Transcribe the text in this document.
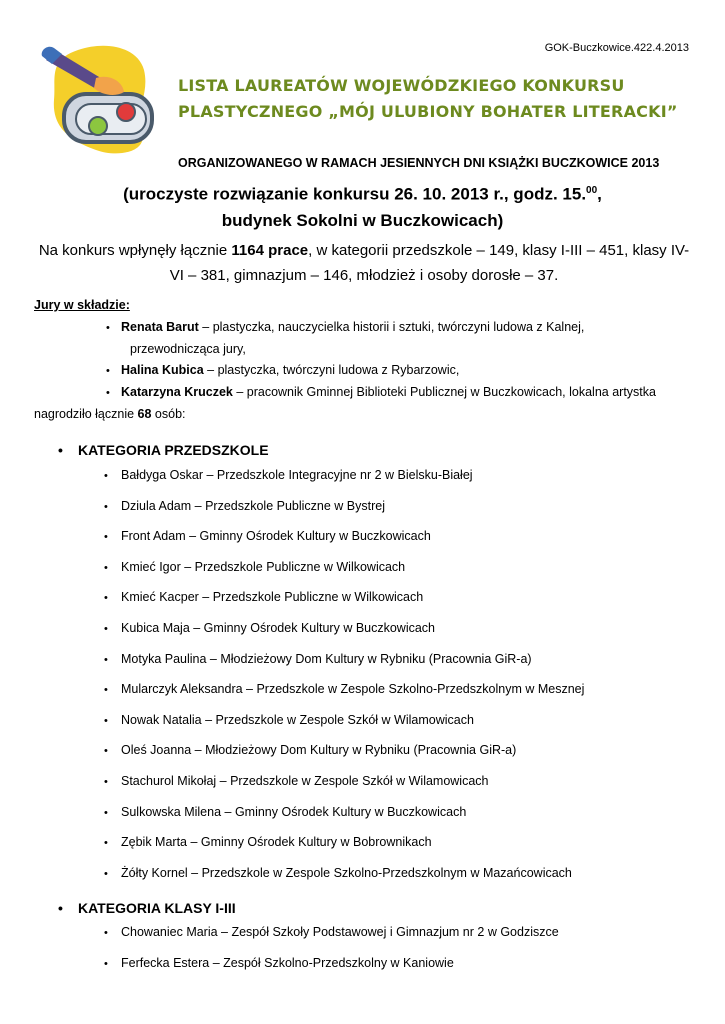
GOK-Buczkowice.422.4.2013
LISTA LAUREATÓW WOJEWÓDZKIEGO KONKURSU
PLASTYCZNEGO „MÓJ ULUBIONY BOHATER LITERACKI”
ORGANIZOWANEGO W RAMACH JESIENNYCH DNI KSIĄŻKI BUCZKOWICE 2013
(uroczyste rozwiązanie konkursu 26. 10. 2013 r., godz. 15.00,
budynek Sokolni w Buczkowicach)
Na konkurs wpłynęły łącznie 1164 prace, w kategorii przedszkole – 149, klasy I-III – 451, klasy IV-VI – 381, gimnazjum – 146, młodzież i osoby dorosłe – 37.
Jury w składzie:
• Renata Barut – plastyczka, nauczycielka historii i sztuki, twórczyni ludowa z Kalnej,
przewodnicząca jury,
• Halina Kubica – plastyczka, twórczyni ludowa z Rybarzowic,
• Katarzyna Kruczek – pracownik Gminnej Biblioteki Publicznej w Buczkowicach, lokalna artystka
nagrodziło łącznie 68 osób:
• KATEGORIA PRZEDSZKOLE
• Bałdyga Oskar – Przedszkole Integracyjne nr 2 w Bielsku-Białej
• Dziula Adam – Przedszkole Publiczne w Bystrej
• Front Adam – Gminny Ośrodek Kultury w Buczkowicach
• Kmieć Igor – Przedszkole Publiczne w Wilkowicach
• Kmieć Kacper – Przedszkole Publiczne w Wilkowicach
• Kubica Maja – Gminny Ośrodek Kultury w Buczkowicach
• Motyka Paulina – Młodzieżowy Dom Kultury w Rybniku (Pracownia GiR-a)
• Mularczyk Aleksandra – Przedszkole w Zespole Szkolno-Przedszkolnym w Mesznej
• Nowak Natalia – Przedszkole w Zespole Szkół w Wilamowicach
• Oleś Joanna – Młodzieżowy Dom Kultury w Rybniku (Pracownia GiR-a)
• Stachurol Mikołaj – Przedszkole w Zespole Szkół w Wilamowicach
• Sulkowska Milena – Gminny Ośrodek Kultury w Buczkowicach
• Zębik Marta – Gminny Ośrodek Kultury w Bobrownikach
• Żółty Kornel – Przedszkole w Zespole Szkolno-Przedszkolnym w Mazańcowicach
• KATEGORIA KLASY I-III
• Chowaniec Maria – Zespół Szkoły Podstawowej i Gimnazjum nr 2 w Godziszce
• Ferfecka Estera – Zespół Szkolno-Przedszkolny w Kaniowie
